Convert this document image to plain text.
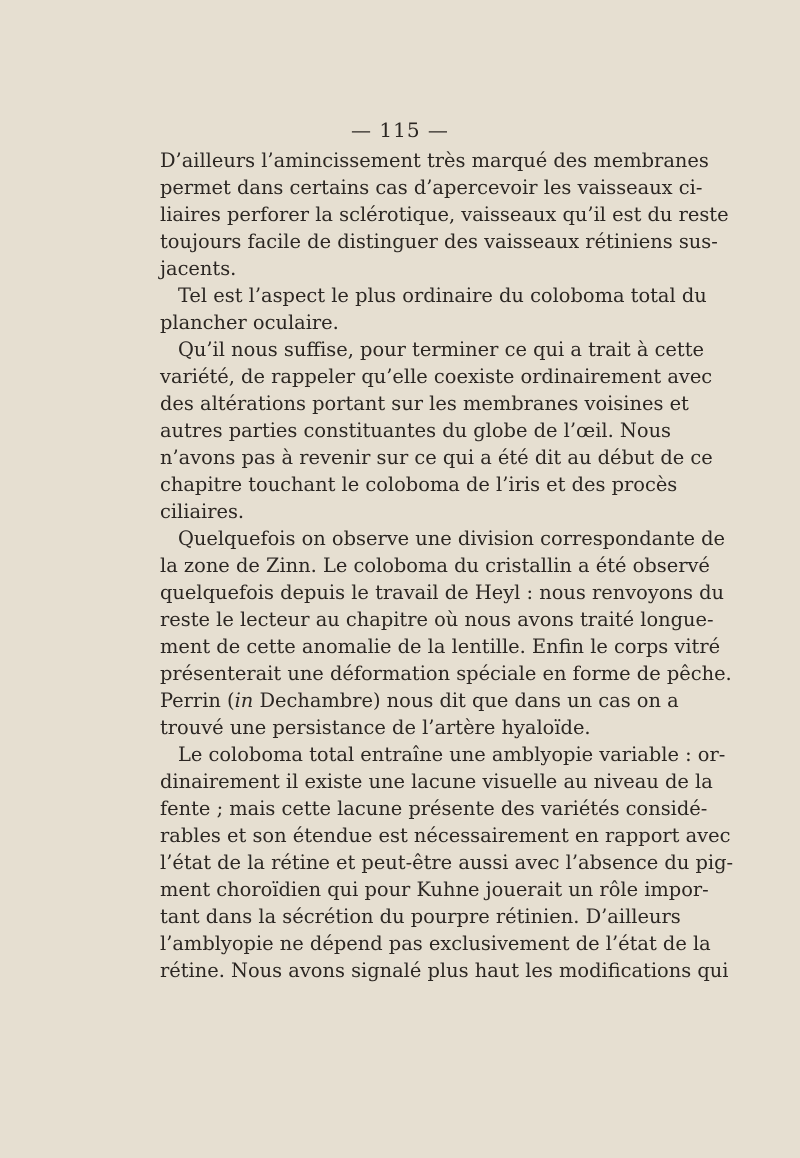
— 115 —
D’ailleurs l’amincissement très marqué des membranes
permet dans certains cas d’apercevoir les vaisseaux ci-
liaires perforer la sclérotique, vaisseaux qu’il est du reste
toujours facile de distinguer des vaisseaux rétiniens sus-
jacents.
Tel est l’aspect le plus ordinaire du coloboma total du
plancher oculaire.
Qu’il nous suffise, pour terminer ce qui a trait à cette
variété, de rappeler qu’elle coexiste ordinairement avec
des altérations portant sur les membranes voisines et
autres parties constituantes du globe de l’œil. Nous
n’avons pas à revenir sur ce qui a été dit au début de ce
chapitre touchant le coloboma de l’iris et des procès
ciliaires.
Quelquefois on observe une division correspondante de
la zone de Zinn. Le coloboma du cristallin a été observé
quelquefois depuis le travail de Heyl : nous renvoyons du
reste le lecteur au chapitre où nous avons traité longue-
ment de cette anomalie de la lentille. Enfin le corps vitré
présenterait une déformation spéciale en forme de pêche.
Perrin (in Dechambre) nous dit que dans un cas on a
trouvé une persistance de l’artère hyaloïde.
Le coloboma total entraîne une amblyopie variable : or-
dinairement il existe une lacune visuelle au niveau de la
fente ; mais cette lacune présente des variétés considé-
rables et son étendue est nécessairement en rapport avec
l’état de la rétine et peut-être aussi avec l’absence du pig-
ment choroïdien qui pour Kuhne jouerait un rôle impor-
tant dans la sécrétion du pourpre rétinien. D’ailleurs
l’amblyopie ne dépend pas exclusivement de l’état de la
rétine. Nous avons signalé plus haut les modifications qui
